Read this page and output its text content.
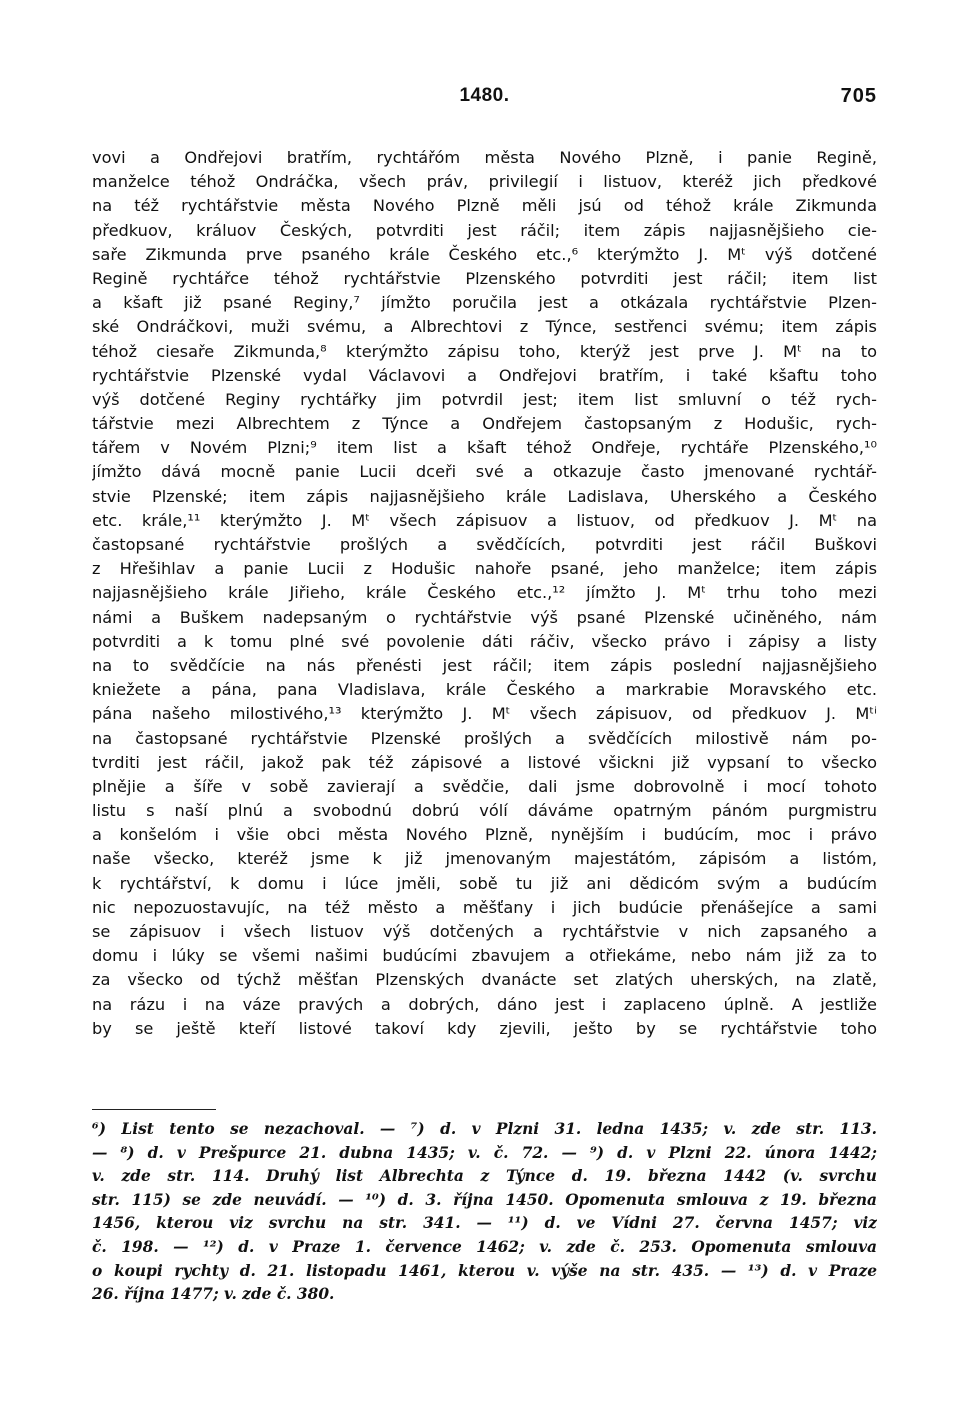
1480.	705
vovi a Ondřejovi bratřím, rychtářóm města Nového Plzně, i panie Regině,
manželce téhož Ondráčka, všech práv, privilegií i listuov, kteréž jich předkové
na též rychtářstvie města Nového Plzně měli jsú od téhož krále Zikmunda
předkuov, králuov Českých, potvrditi jest ráčil; item zápis najjasnějšieho cie-
saře Zikmunda prve psaného krále Českého etc.,⁶ kterýmžto J. Mᵗ výš dotčené
Regině rychtářce téhož rychtářstvie Plzenského potvrditi jest ráčil; item list
a kšaft již psané Reginy,⁷ jímžto poručila jest a otkázala rychtářstvie Plzen-
ské Ondráčkovi, muži svému, a Albrechtovi z Týnce, sestřenci svému; item zápis
téhož ciesaře Zikmunda,⁸ kterýmžto zápisu toho, kterýž jest prve J. Mᵗ na to
rychtářstvie Plzenské vydal Václavovi a Ondřejovi bratřím, i také kšaftu toho
výš dotčené Reginy rychtářky jim potvrdil jest; item list smluvní o též rych-
tářstvie mezi Albrechtem z Týnce a Ondřejem častopsaným z Hodušic, rych-
tářem v Novém Plzni;⁹ item list a kšaft téhož Ondřeje, rychtáře Plzenského,¹⁰
jímžto dává mocně panie Lucii dceři své a otkazuje často jmenované rychtář-
stvie Plzenské; item zápis najjasnějšieho krále Ladislava, Uherského a Českého
etc. krále,¹¹ kterýmžto J. Mᵗ všech zápisuov a listuov, od předkuov J. Mᵗ na
častopsané rychtářstvie prošlých a svědčících, potvrditi jest ráčil Buškovi
z Hřešihlav a panie Lucii z Hodušic nahoře psané, jeho manželce; item zápis
najjasnějšieho krále Jiřieho, krále Českého etc.,¹² jímžto J. Mᵗ trhu toho mezi
námi a Buškem nadepsaným o rychtářstvie výš psané Plzenské učiněného, nám
potvrditi a k tomu plné své povolenie dáti ráčiv, všecko právo i zápisy a listy
na to svědčície na nás přenésti jest ráčil; item zápis poslední najjasnějšieho
kniežete a pána, pana Vladislava, krále Českého a markrabie Moravského etc.
pána našeho milostivého,¹³ kterýmžto J. Mᵗ všech zápisuov, od předkuov J. Mᵗⁱ
na častopsané rychtářstvie Plzenské prošlých a svědčících milostivě nám po-
tvrditi jest ráčil, jakož pak též zápisové a listové všickni již vypsaní to všecko
plnějie a šíře v sobě zavierají a svědčie, dali jsme dobrovolně i mocí tohoto
listu s naší plnú a svobodnú dobrú vólí dáváme opatrným pánóm purgmistru
a konšelóm i všie obci města Nového Plzně, nynějším i budúcím, moc i právo
naše všecko, kteréž jsme k již jmenovaným majestátóm, zápisóm a listóm,
k rychtářství, k domu i lúce jměli, sobě tu již ani dědicóm svým a budúcím
nic nepozuostavujíc, na též město a měšťany i jich budúcie přenášejíce a sami
se zápisuov i všech listuov výš dotčených a rychtářstvie v nich zapsaného a
domu i lúky se všemi našimi budúcími zbavujem a otřiekáme, nebo nám již za to
za všecko od týchž měšťan Plzenských dvanácte set zlatých uherských, na zlatě,
na rázu i na váze pravých a dobrých, dáno jest i zaplaceno úplně. A jestliže
by se ještě kteří listové takoví kdy zjevili, ješto by se rychtářstvie toho
⁶) List tento se nezachoval. — ⁷) d. v Plzni 31. ledna 1435; v. zde str. 113.
— ⁸) d. v Prešpurce 21. dubna 1435; v. č. 72. — ⁹) d. v Plzni 22. února 1442;
v. zde str. 114. Druhý list Albrechta z Týnce d. 19. března 1442 (v. svrchu
str. 115) se zde neuvádí. — ¹⁰) d. 3. října 1450. Opomenuta smlouva z 19. března
1456, kterou viz svrchu na str. 341. — ¹¹) d. ve Vídni 27. června 1457; viz
č. 198. — ¹²) d. v Praze 1. července 1462; v. zde č. 253. Opomenuta smlouva
o koupi rychty d. 21. listopadu 1461, kterou v. výše na str. 435. — ¹³) d. v Praze
26. října 1477; v. zde č. 380.
